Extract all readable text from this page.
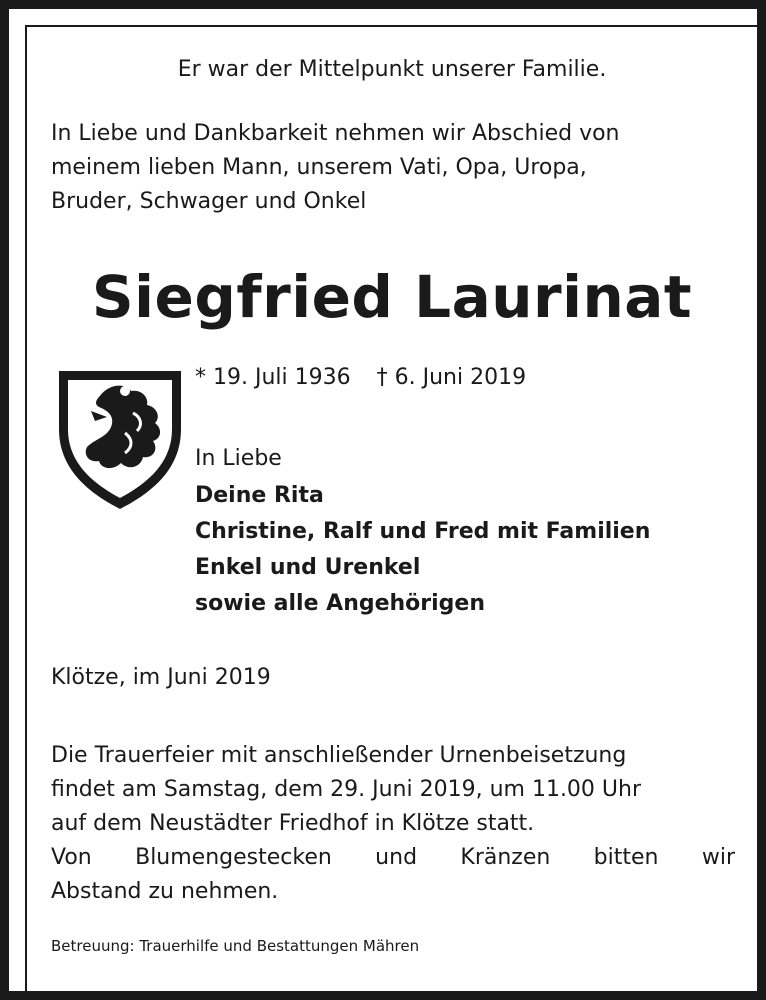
Er war der Mittelpunkt unserer Familie.
In Liebe und Dankbarkeit nehmen wir Abschied von
meinem lieben Mann, unserem Vati, Opa, Uropa,
Bruder, Schwager und Onkel
Siegfried Laurinat
* 19. Juli 1936 † 6. Juni 2019
In Liebe
Deine Rita
Christine, Ralf und Fred mit Familien
Enkel und Urenkel
sowie alle Angehörigen
Klötze, im Juni 2019
Die Trauerfeier mit anschließender Urnenbeisetzung
findet am Samstag, dem 29. Juni 2019, um 11.00 Uhr
auf dem Neustädter Friedhof in Klötze statt.
Von Blumengestecken und Kränzen bitten wir
Abstand zu nehmen.
Betreuung: Trauerhilfe und Bestattungen Mähren
